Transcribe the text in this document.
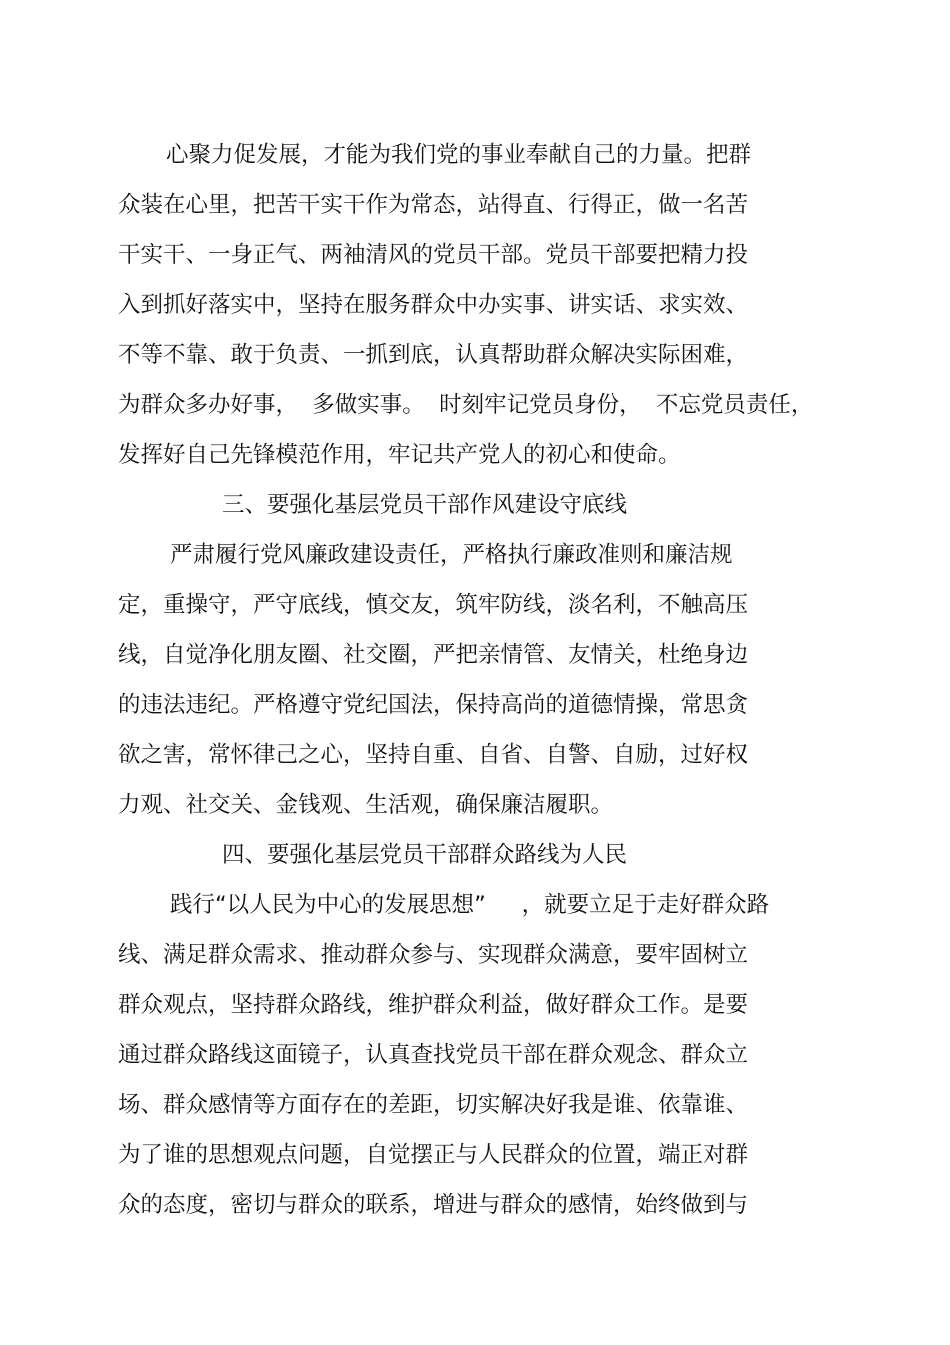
心聚力促发展，才能为我们党的事业奉献自己的力量。把群
众装在心里，把苦干实干作为常态，站得直、行得正，做一名苦
干实干、一身正气、两袖清风的党员干部。党员干部要把精力投
入到抓好落实中，坚持在服务群众中办实事、讲实话、求实效、
不等不靠、敢于负责、一抓到底，认真帮助群众解决实际困难，
为群众多办好事，  多做实事。  时刻牢记党员身份，  不忘党员责任，
发挥好自己先锋模范作用，牢记共产党人的初心和使命。
三、要强化基层党员干部作风建设守底线
严肃履行党风廉政建设责任，严格执行廉政准则和廉洁规
定，重操守，严守底线，慎交友，筑牢防线，淡名利，不触高压
线，自觉净化朋友圈、社交圈，严把亲情管、友情关，杜绝身边
的违法违纪。严格遵守党纪国法，保持高尚的道德情操，常思贪
欲之害，常怀律己之心，坚持自重、自省、自警、自励，过好权
力观、社交关、金钱观、生活观，确保廉洁履职。
四、要强化基层党员干部群众路线为人民
践行“以人民为中心的发展思想”     ，就要立足于走好群众路
线、满足群众需求、推动群众参与、实现群众满意，要牢固树立
群众观点，坚持群众路线，维护群众利益，做好群众工作。是要
通过群众路线这面镜子，认真查找党员干部在群众观念、群众立
场、群众感情等方面存在的差距，切实解决好我是谁、依靠谁、
为了谁的思想观点问题，自觉摆正与人民群众的位置，端正对群
众的态度，密切与群众的联系，增进与群众的感情，始终做到与
